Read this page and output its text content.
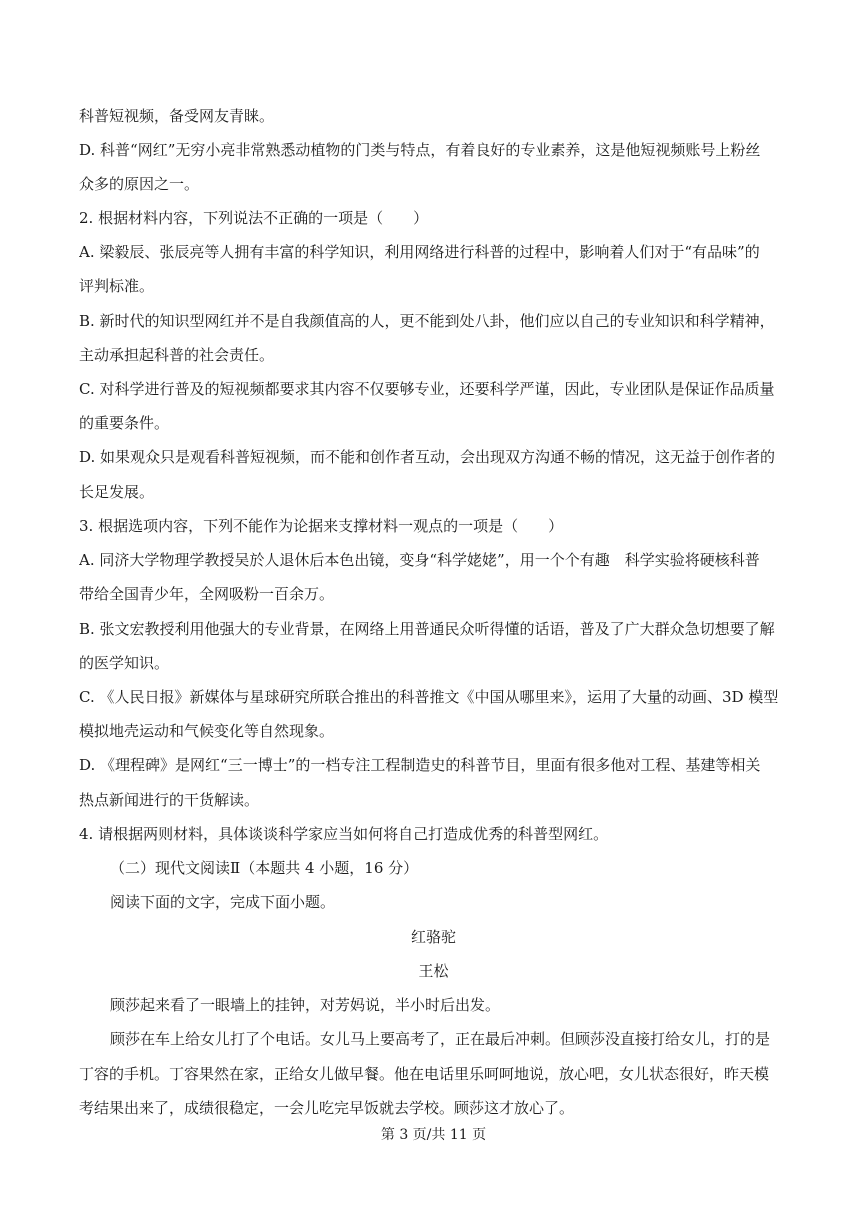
科普短视频，备受网友青睐。
D. 科普“网红”无穷小亮非常熟悉动植物的门类与特点，有着良好的专业素养，这是他短视频账号上粉丝
众多的原因之一。
2. 根据材料内容，下列说法不正确的一项是（　　）
A. 梁毅辰、张辰亮等人拥有丰富的科学知识，利用网络进行科普的过程中，影响着人们对于“有品味”的
评判标准。
B. 新时代的知识型网红并不是自我颜值高的人，更不能到处八卦，他们应以自己的专业知识和科学精神，
主动承担起科普的社会责任。
C. 对科学进行普及的短视频都要求其内容不仅要够专业，还要科学严谨，因此，专业团队是保证作品质量
的重要条件。
D. 如果观众只是观看科普短视频，而不能和创作者互动，会出现双方沟通不畅的情况，这无益于创作者的
长足发展。
3. 根据选项内容，下列不能作为论据来支撑材料一观点的一项是（　　）
A. 同济大学物理学教授吴於人退休后本色出镜，变身“科学姥姥”，用一个个有趣　科学实验将硬核科普
带给全国青少年，全网吸粉一百余万。
B. 张文宏教授利用他强大的专业背景，在网络上用普通民众听得懂的话语，普及了广大群众急切想要了解
的医学知识。
C. 《人民日报》新媒体与星球研究所联合推出的科普推文《中国从哪里来》，运用了大量的动画、3D 模型
模拟地壳运动和气候变化等自然现象。
D. 《理程碑》是网红“三一博士”的一档专注工程制造史的科普节目，里面有很多他对工程、基建等相关
热点新闻进行的干货解读。
4. 请根据两则材料，具体谈谈科学家应当如何将自己打造成优秀的科普型网红。
（二）现代文阅读Ⅱ（本题共 4 小题，16 分）
阅读下面的文字，完成下面小题。
红骆驼
王松
顾莎起来看了一眼墙上的挂钟，对芳妈说，半小时后出发。
顾莎在车上给女儿打了个电话。女儿马上要高考了，正在最后冲刺。但顾莎没直接打给女儿，打的是
丁容的手机。丁容果然在家，正给女儿做早餐。他在电话里乐呵呵地说，放心吧，女儿状态很好，昨天模
考结果出来了，成绩很稳定，一会儿吃完早饭就去学校。顾莎这才放心了。
第 3 页/共 11 页
